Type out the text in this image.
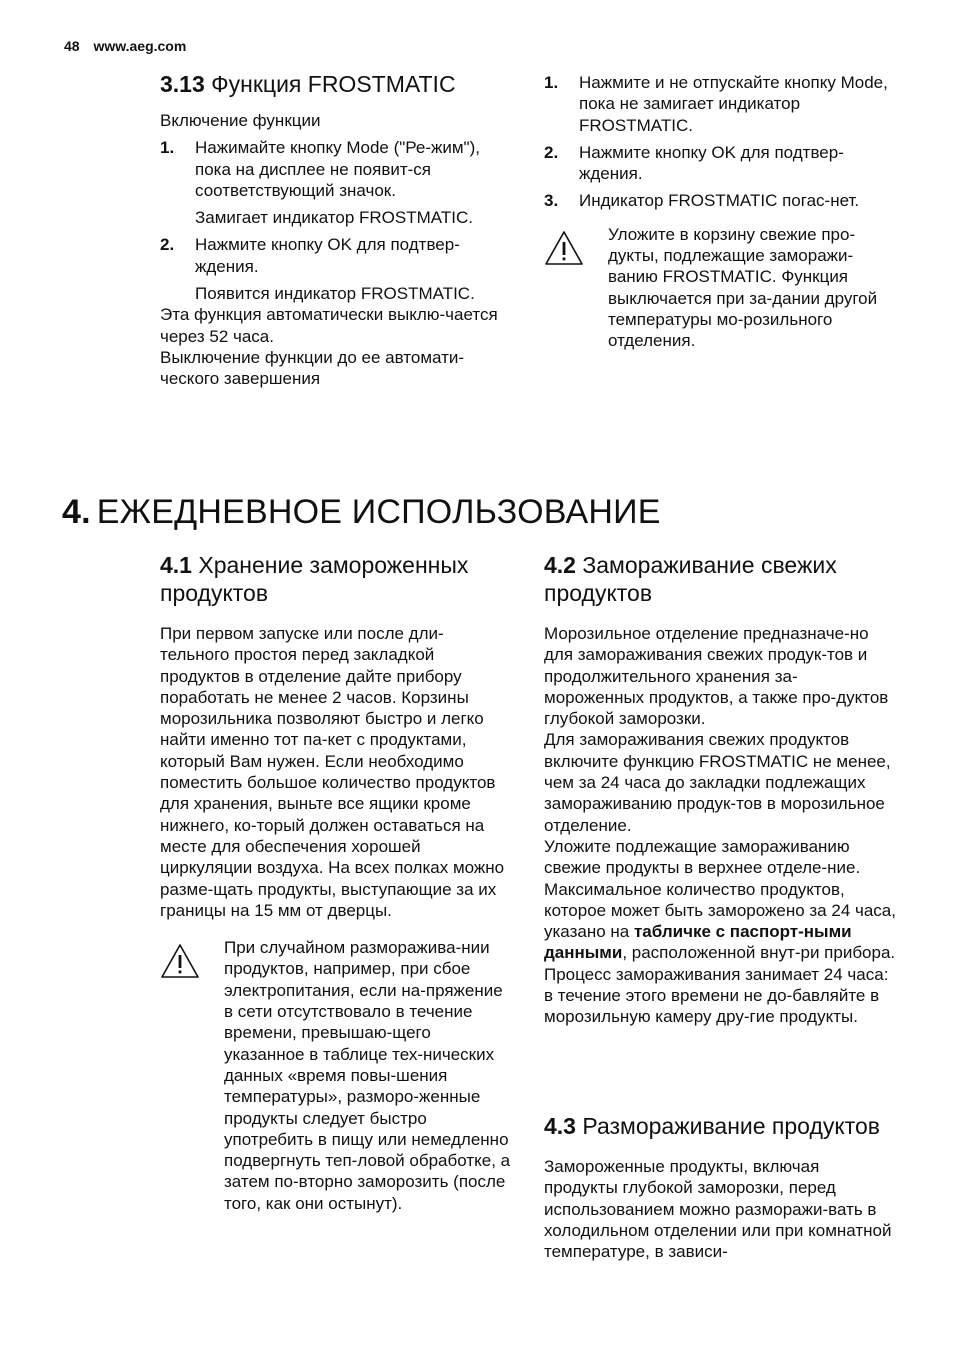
48 www.aeg.com
3.13 Функция FROSTMATIC
Включение функции
1.	Нажимайте кнопку Mode ("Ре-жим"), пока на дисплее не появит-ся соответствующий значок.
Замигает индикатор FROSTMATIC.
2.	Нажмите кнопку OK для подтвер-ждения.
Появится индикатор FROSTMATIC.
Эта функция автоматически выклю-чается через 52 часа.
Выключение функции до ее автомати-ческого завершения
1.	Нажмите и не отпускайте кнопку Mode, пока не замигает индикатор FROSTMATIC.
2.	Нажмите кнопку OK для подтвер-ждения.
3.	Индикатор FROSTMATIC погас-нет.
Уложите в корзину свежие про-дукты, подлежащие заморажи-ванию FROSTMATIC. Функция выключается при за-дании другой температуры мо-розильного отделения.
4. ЕЖЕДНЕВНОЕ ИСПОЛЬЗОВАНИЕ
4.1 Хранение замороженных продуктов
При первом запуске или после дли-тельного простоя перед закладкой продуктов в отделение дайте прибору поработать не менее 2 часов. Корзины морозильника позволяют быстро и легко найти именно тот па-кет с продуктами, который Вам нужен. Если необходимо поместить большое количество продуктов для хранения, выньте все ящики кроме нижнего, ко-торый должен оставаться на месте для обеспечения хорошей циркуляции воздуха. На всех полках можно разме-щать продукты, выступающие за их границы на 15 мм от дверцы.
При случайном разморажива-нии продуктов, например, при сбое электропитания, если на-пряжение в сети отсутствовало в течение времени, превышаю-щего указанное в таблице тех-нических данных «время повы-шения температуры», разморо-женные продукты следует быстро употребить в пищу или немедленно подвергнуть теп-ловой обработке, а затем по-вторно заморозить (после того, как они остынут).
4.2 Замораживание свежих продуктов
Морозильное отделение предназначе-но для замораживания свежих продук-тов и продолжительного хранения за-мороженных продуктов, а также про-дуктов глубокой заморозки.
Для замораживания свежих продуктов включите функцию FROSTMATIC не менее, чем за 24 часа до закладки подлежащих замораживанию продук-тов в морозильное отделение.
Уложите подлежащие замораживанию свежие продукты в верхнее отделе-ние.
Максимальное количество продуктов, которое может быть заморожено за 24 часа, указано на табличке с паспорт-ными данными, расположенной внут-ри прибора.
Процесс замораживания занимает 24 часа: в течение этого времени не до-бавляйте в морозильную камеру дру-гие продукты.
4.3 Размораживание продуктов
Замороженные продукты, включая продукты глубокой заморозки, перед использованием можно разморажи-вать в холодильном отделении или при комнатной температуре, в зависи-
